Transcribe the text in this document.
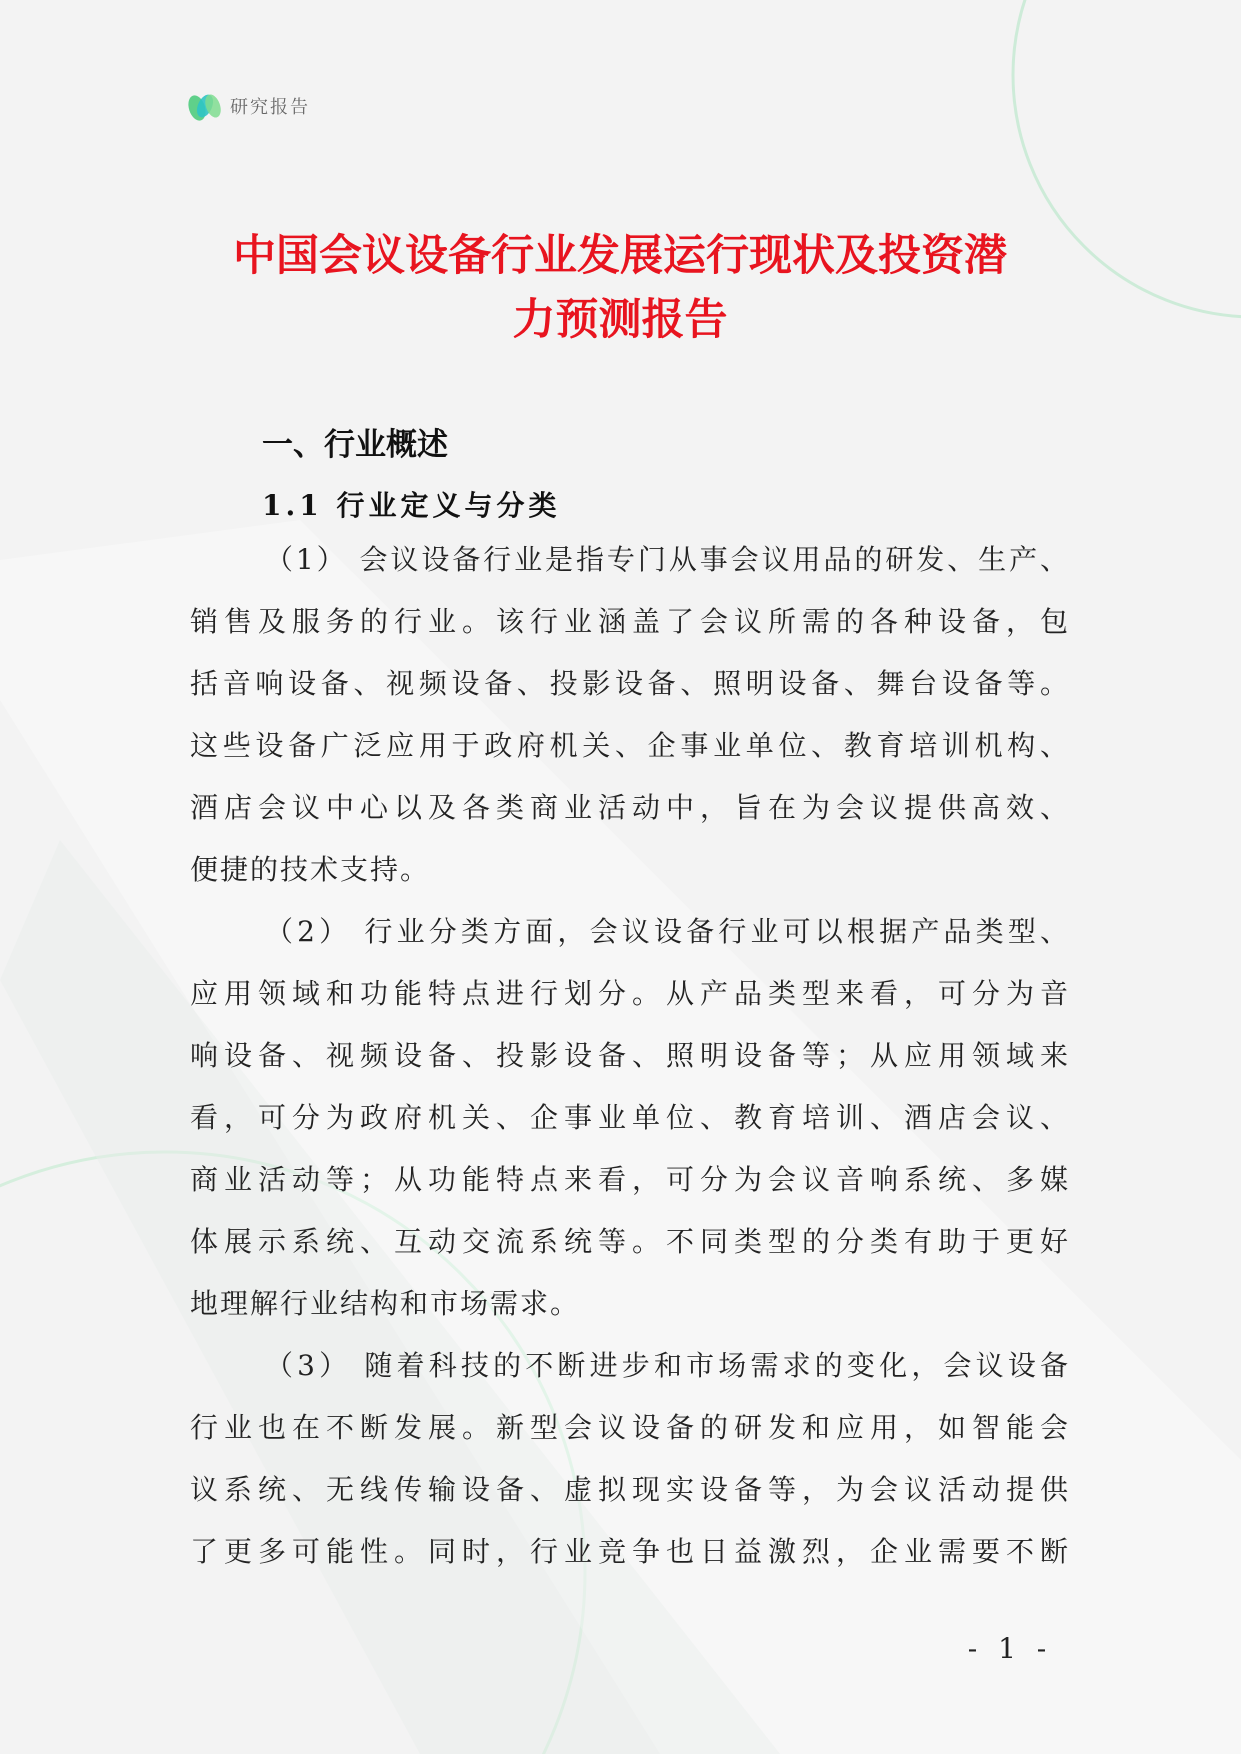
研究报告
中国会议设备行业发展运行现状及投资潜
力预测报告
一、行业概述
1.1 行业定义与分类

（1） 会议设备行业是指专门从事会议用品的研发、生产、

销售及服务的行业。该行业涵盖了会议所需的各种设备，包

括音响设备、视频设备、投影设备、照明设备、舞台设备等。

这些设备广泛应用于政府机关、企事业单位、教育培训机构、

酒店会议中心以及各类商业活动中，旨在为会议提供高效、

便捷的技术支持。

（2） 行业分类方面，会议设备行业可以根据产品类型、

应用领域和功能特点进行划分。从产品类型来看，可分为音

响设备、视频设备、投影设备、照明设备等；从应用领域来

看，可分为政府机关、企事业单位、教育培训、酒店会议、

商业活动等；从功能特点来看，可分为会议音响系统、多媒

体展示系统、互动交流系统等。不同类型的分类有助于更好

地理解行业结构和市场需求。

（3） 随着科技的不断进步和市场需求的变化，会议设备

行业也在不断发展。新型会议设备的研发和应用，如智能会

议系统、无线传输设备、虚拟现实设备等，为会议活动提供

了更多可能性。同时，行业竞争也日益激烈，企业需要不断

- 1 -
